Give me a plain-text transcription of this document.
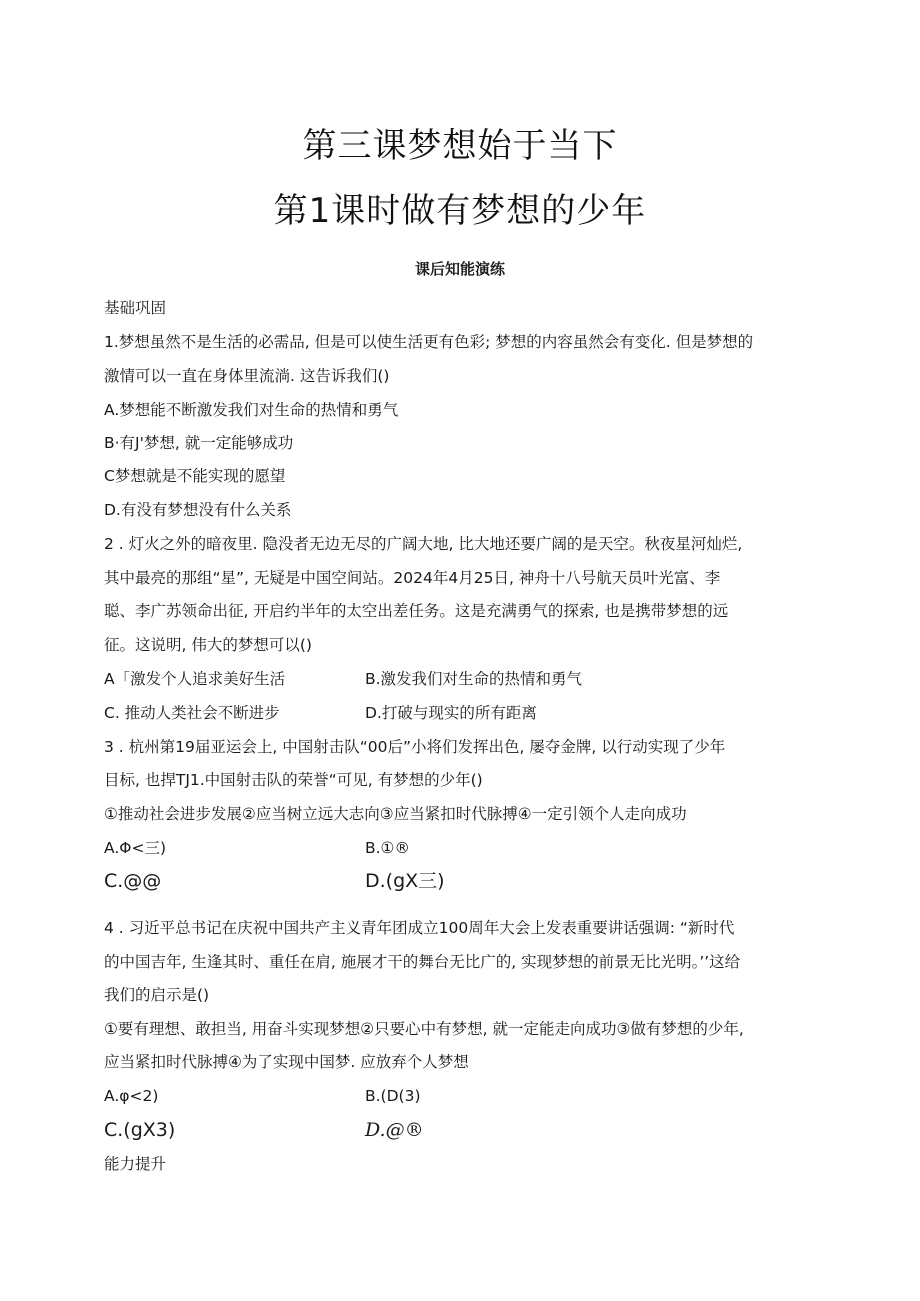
第三课梦想始于当下
第1课时做有梦想的少年
课后知能演练
基础巩固
1.梦想虽然不是生活的必需品, 但是可以使生活更有色彩; 梦想的内容虽然会有变化. 但是梦想的
激情可以一直在身体里流淌. 这告诉我们()
A.梦想能不断激发我们对生命的热情和勇气
B·有J'梦想, 就一定能够成功
C梦想就是不能实现的愿望
D.有没有梦想没有什么关系
2 . 灯火之外的暗夜里. 隐没者无边无尽的广阔大地, 比大地还要广阔的是天空。秋夜星河灿烂,
其中最亮的那组“星”, 无疑是中国空间站。2024年4月25日, 神舟十八号航天员叶光富、李
聪、李广苏领命出征, 开启约半年的太空出差任务。这是充满勇气的探索, 也是携带梦想的远
征。这说明, 伟大的梦想可以()
A「激发个人追求美好生活	B.激发我们对生命的热情和勇气
C. 推动人类社会不断进步	D.打破与现实的所有距离
3 . 杭州第19届亚运会上, 中国射击队“00后”小将们发挥出色, 屡夺金牌, 以行动实现了少年
目标, 也捍TJ1.中国射击队的荣誉“可见, 有梦想的少年()
①推动社会进步发展②应当树立远大志向③应当紧扣时代脉搏④一定引领个人走向成功
A.Φ<三)	B.①®
C.@@	D.(gX三)
4 . 习近平总书记在庆祝中国共产主义青年团成立100周年大会上发表重要讲话强调: “新时代
的中国吉年, 生逢其时、重任在肩, 施展才干的舞台无比广的, 实现梦想的前景无比光明。’’这给
我们的启示是()
①要有理想、敢担当, 用奋斗实现梦想②只要心中有梦想, 就一定能走向成功③做有梦想的少年,
应当紧扣时代脉搏④为了实现中国梦. 应放弃个人梦想
A.φ<2)	B.(D(3)
C.(gX3)	D.@®
能力提升
